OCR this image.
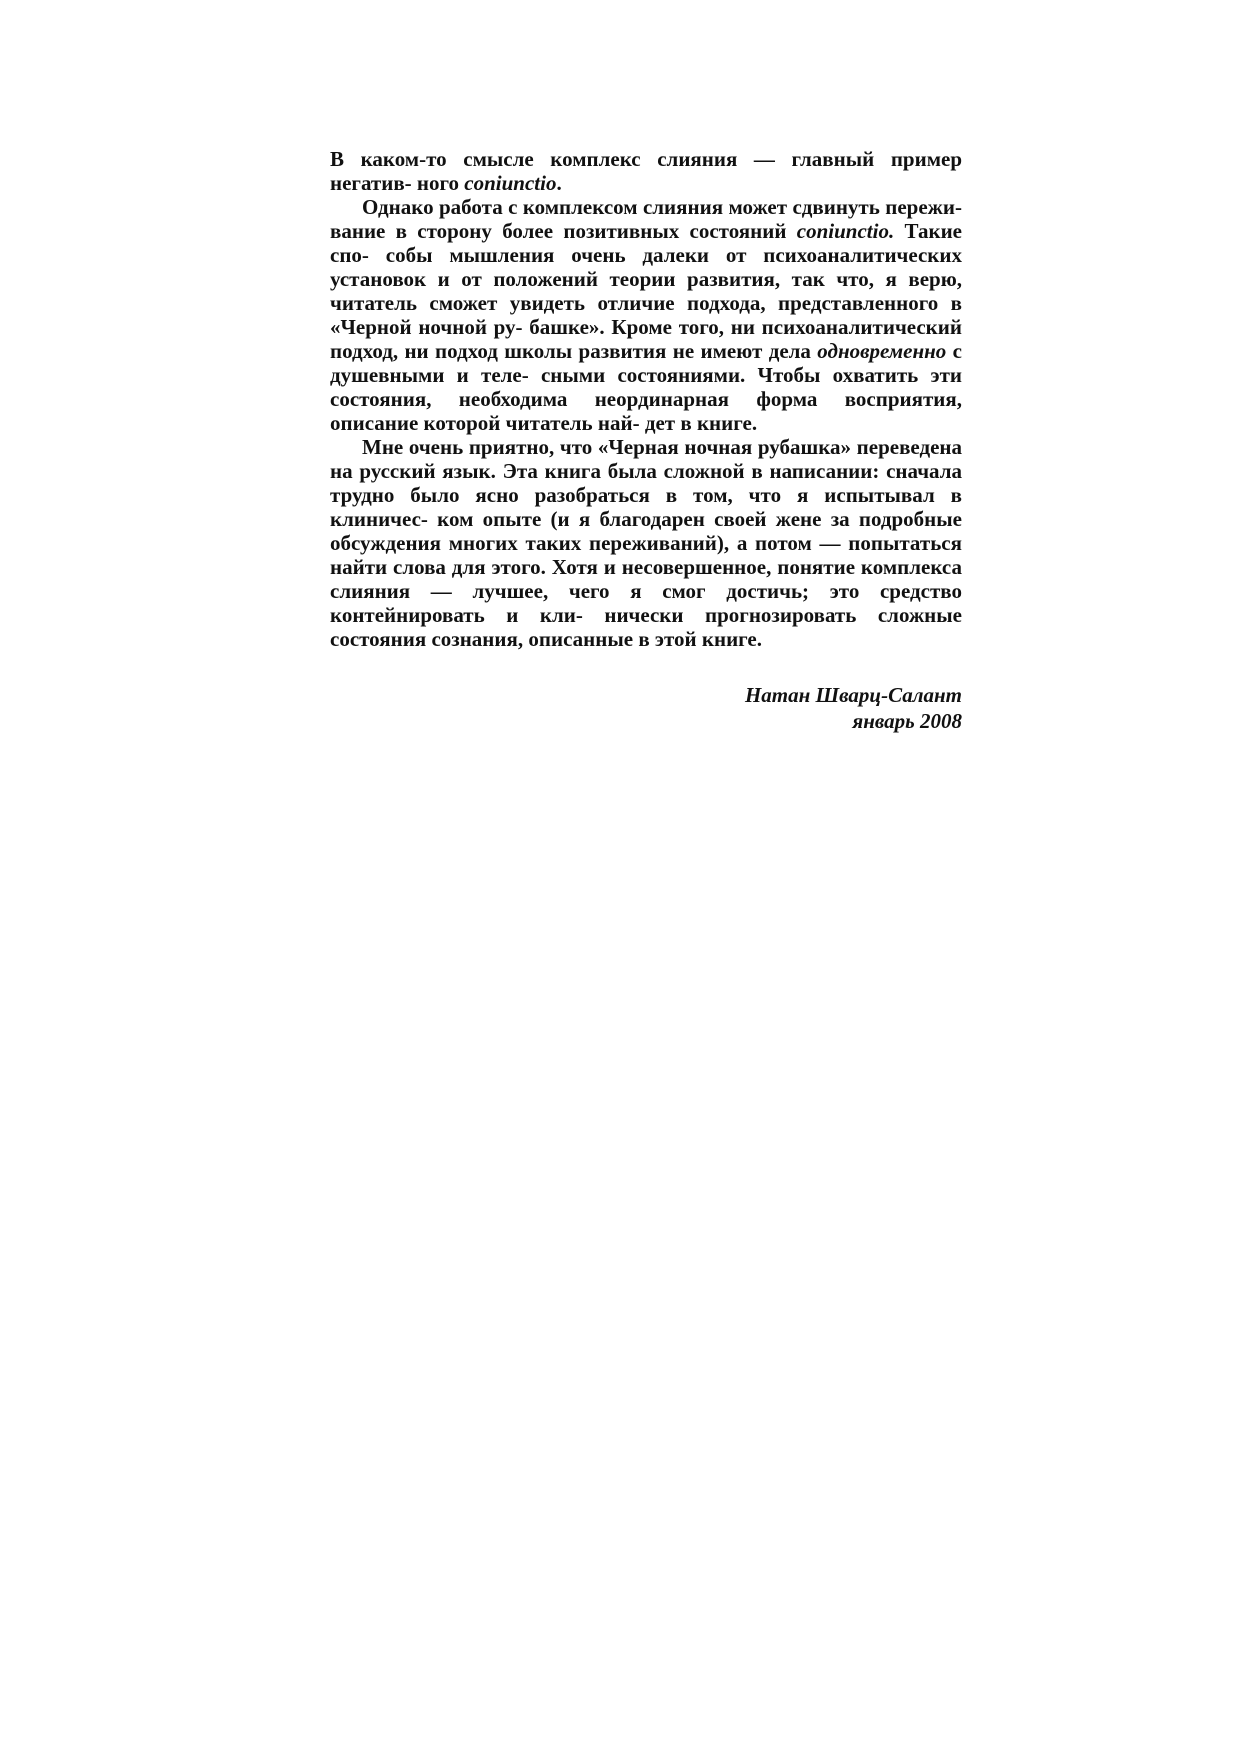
В каком-то смысле комплекс слияния — главный пример негатив- ного coniunctio.

Однако работа с комплексом слияния может сдвинуть пережи- вание в сторону более позитивных состояний coniunctio. Такие спо- собы мышления очень далеки от психоаналитических установок и от положений теории развития, так что, я верю, читатель сможет увидеть отличие подхода, представленного в «Черной ночной ру- башке». Кроме того, ни психоаналитический подход, ни подход школы развития не имеют дела одновременно с душевными и теле- сными состояниями. Чтобы охватить эти состояния, необходима неординарная форма восприятия, описание которой читатель най- дет в книге.

Мне очень приятно, что «Черная ночная рубашка» переведена на русский язык. Эта книга была сложной в написании: сначала трудно было ясно разобраться в том, что я испытывал в клиничес- ком опыте (и я благодарен своей жене за подробные обсуждения многих таких переживаний), а потом — попытаться найти слова для этого. Хотя и несовершенное, понятие комплекса слияния — лучшее, чего я смог достичь; это средство контейнировать и кли- нически прогнозировать сложные состояния сознания, описанные в этой книге.

Натан Шварц-Салант
январь 2008
